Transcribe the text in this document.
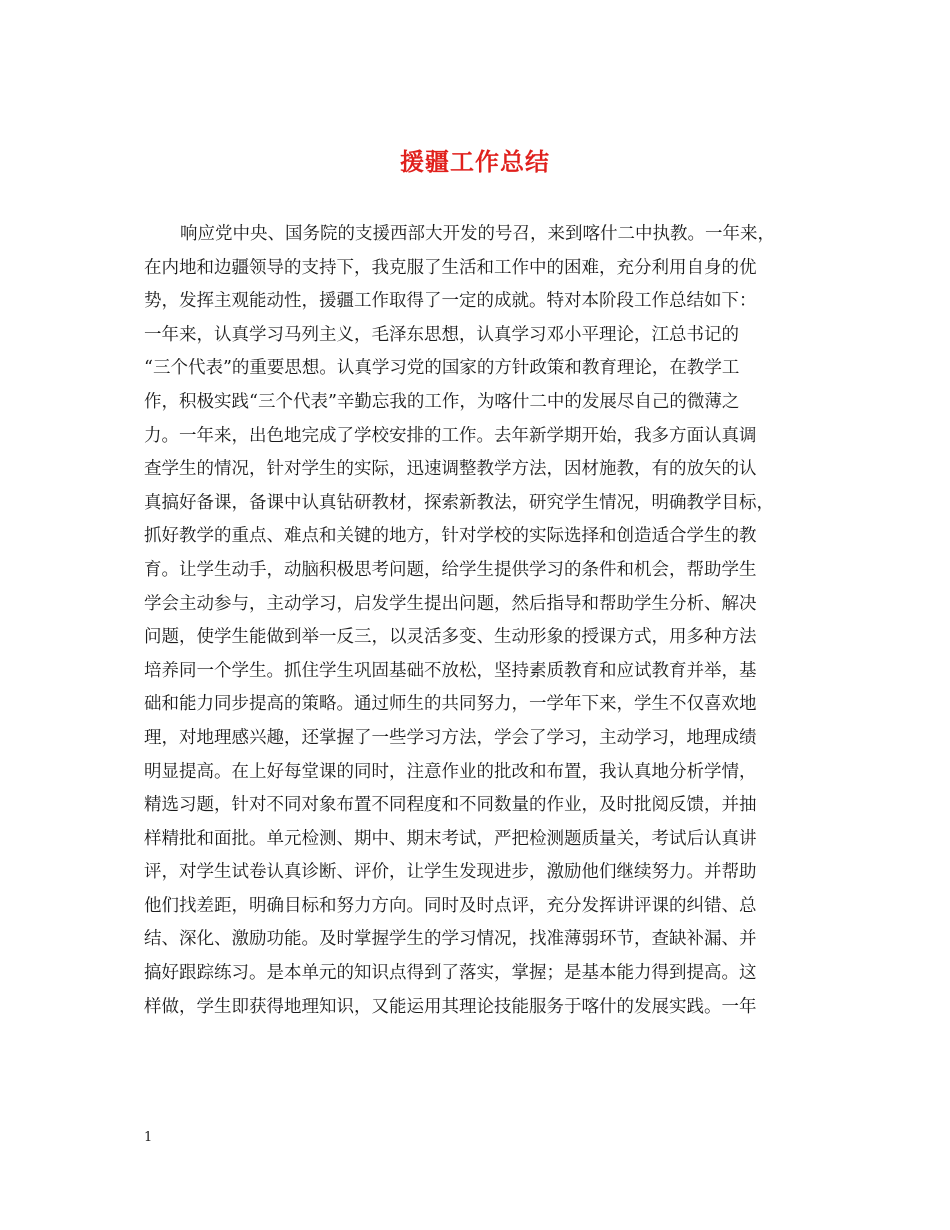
援疆工作总结
响应党中央、国务院的支援西部大开发的号召，来到喀什二中执教。一年来，
在内地和边疆领导的支持下，我克服了生活和工作中的困难，充分利用自身的优
势，发挥主观能动性，援疆工作取得了一定的成就。特对本阶段工作总结如下：
一年来，认真学习马列主义，毛泽东思想，认真学习邓小平理论，江总书记的
“三个代表”的重要思想。认真学习党的国家的方针政策和教育理论，在教学工
作，积极实践“三个代表”辛勤忘我的工作，为喀什二中的发展尽自己的微薄之
力。一年来，出色地完成了学校安排的工作。去年新学期开始，我多方面认真调
查学生的情况，针对学生的实际，迅速调整教学方法，因材施教，有的放矢的认
真搞好备课，备课中认真钻研教材，探索新教法，研究学生情况，明确教学目标，
抓好教学的重点、难点和关键的地方，针对学校的实际选择和创造适合学生的教
育。让学生动手，动脑积极思考问题，给学生提供学习的条件和机会，帮助学生
学会主动参与，主动学习，启发学生提出问题，然后指导和帮助学生分析、解决
问题，使学生能做到举一反三，以灵活多变、生动形象的授课方式，用多种方法
培养同一个学生。抓住学生巩固基础不放松，坚持素质教育和应试教育并举，基
础和能力同步提高的策略。通过师生的共同努力，一学年下来，学生不仅喜欢地
理，对地理感兴趣，还掌握了一些学习方法，学会了学习，主动学习，地理成绩
明显提高。在上好每堂课的同时，注意作业的批改和布置，我认真地分析学情，
精选习题，针对不同对象布置不同程度和不同数量的作业，及时批阅反馈，并抽
样精批和面批。单元检测、期中、期末考试，严把检测题质量关，考试后认真讲
评，对学生试卷认真诊断、评价，让学生发现进步，激励他们继续努力。并帮助
他们找差距，明确目标和努力方向。同时及时点评，充分发挥讲评课的纠错、总
结、深化、激励功能。及时掌握学生的学习情况，找准薄弱环节，查缺补漏、并
搞好跟踪练习。是本单元的知识点得到了落实，掌握；是基本能力得到提高。这
样做，学生即获得地理知识，又能运用其理论技能服务于喀什的发展实践。一年
1
